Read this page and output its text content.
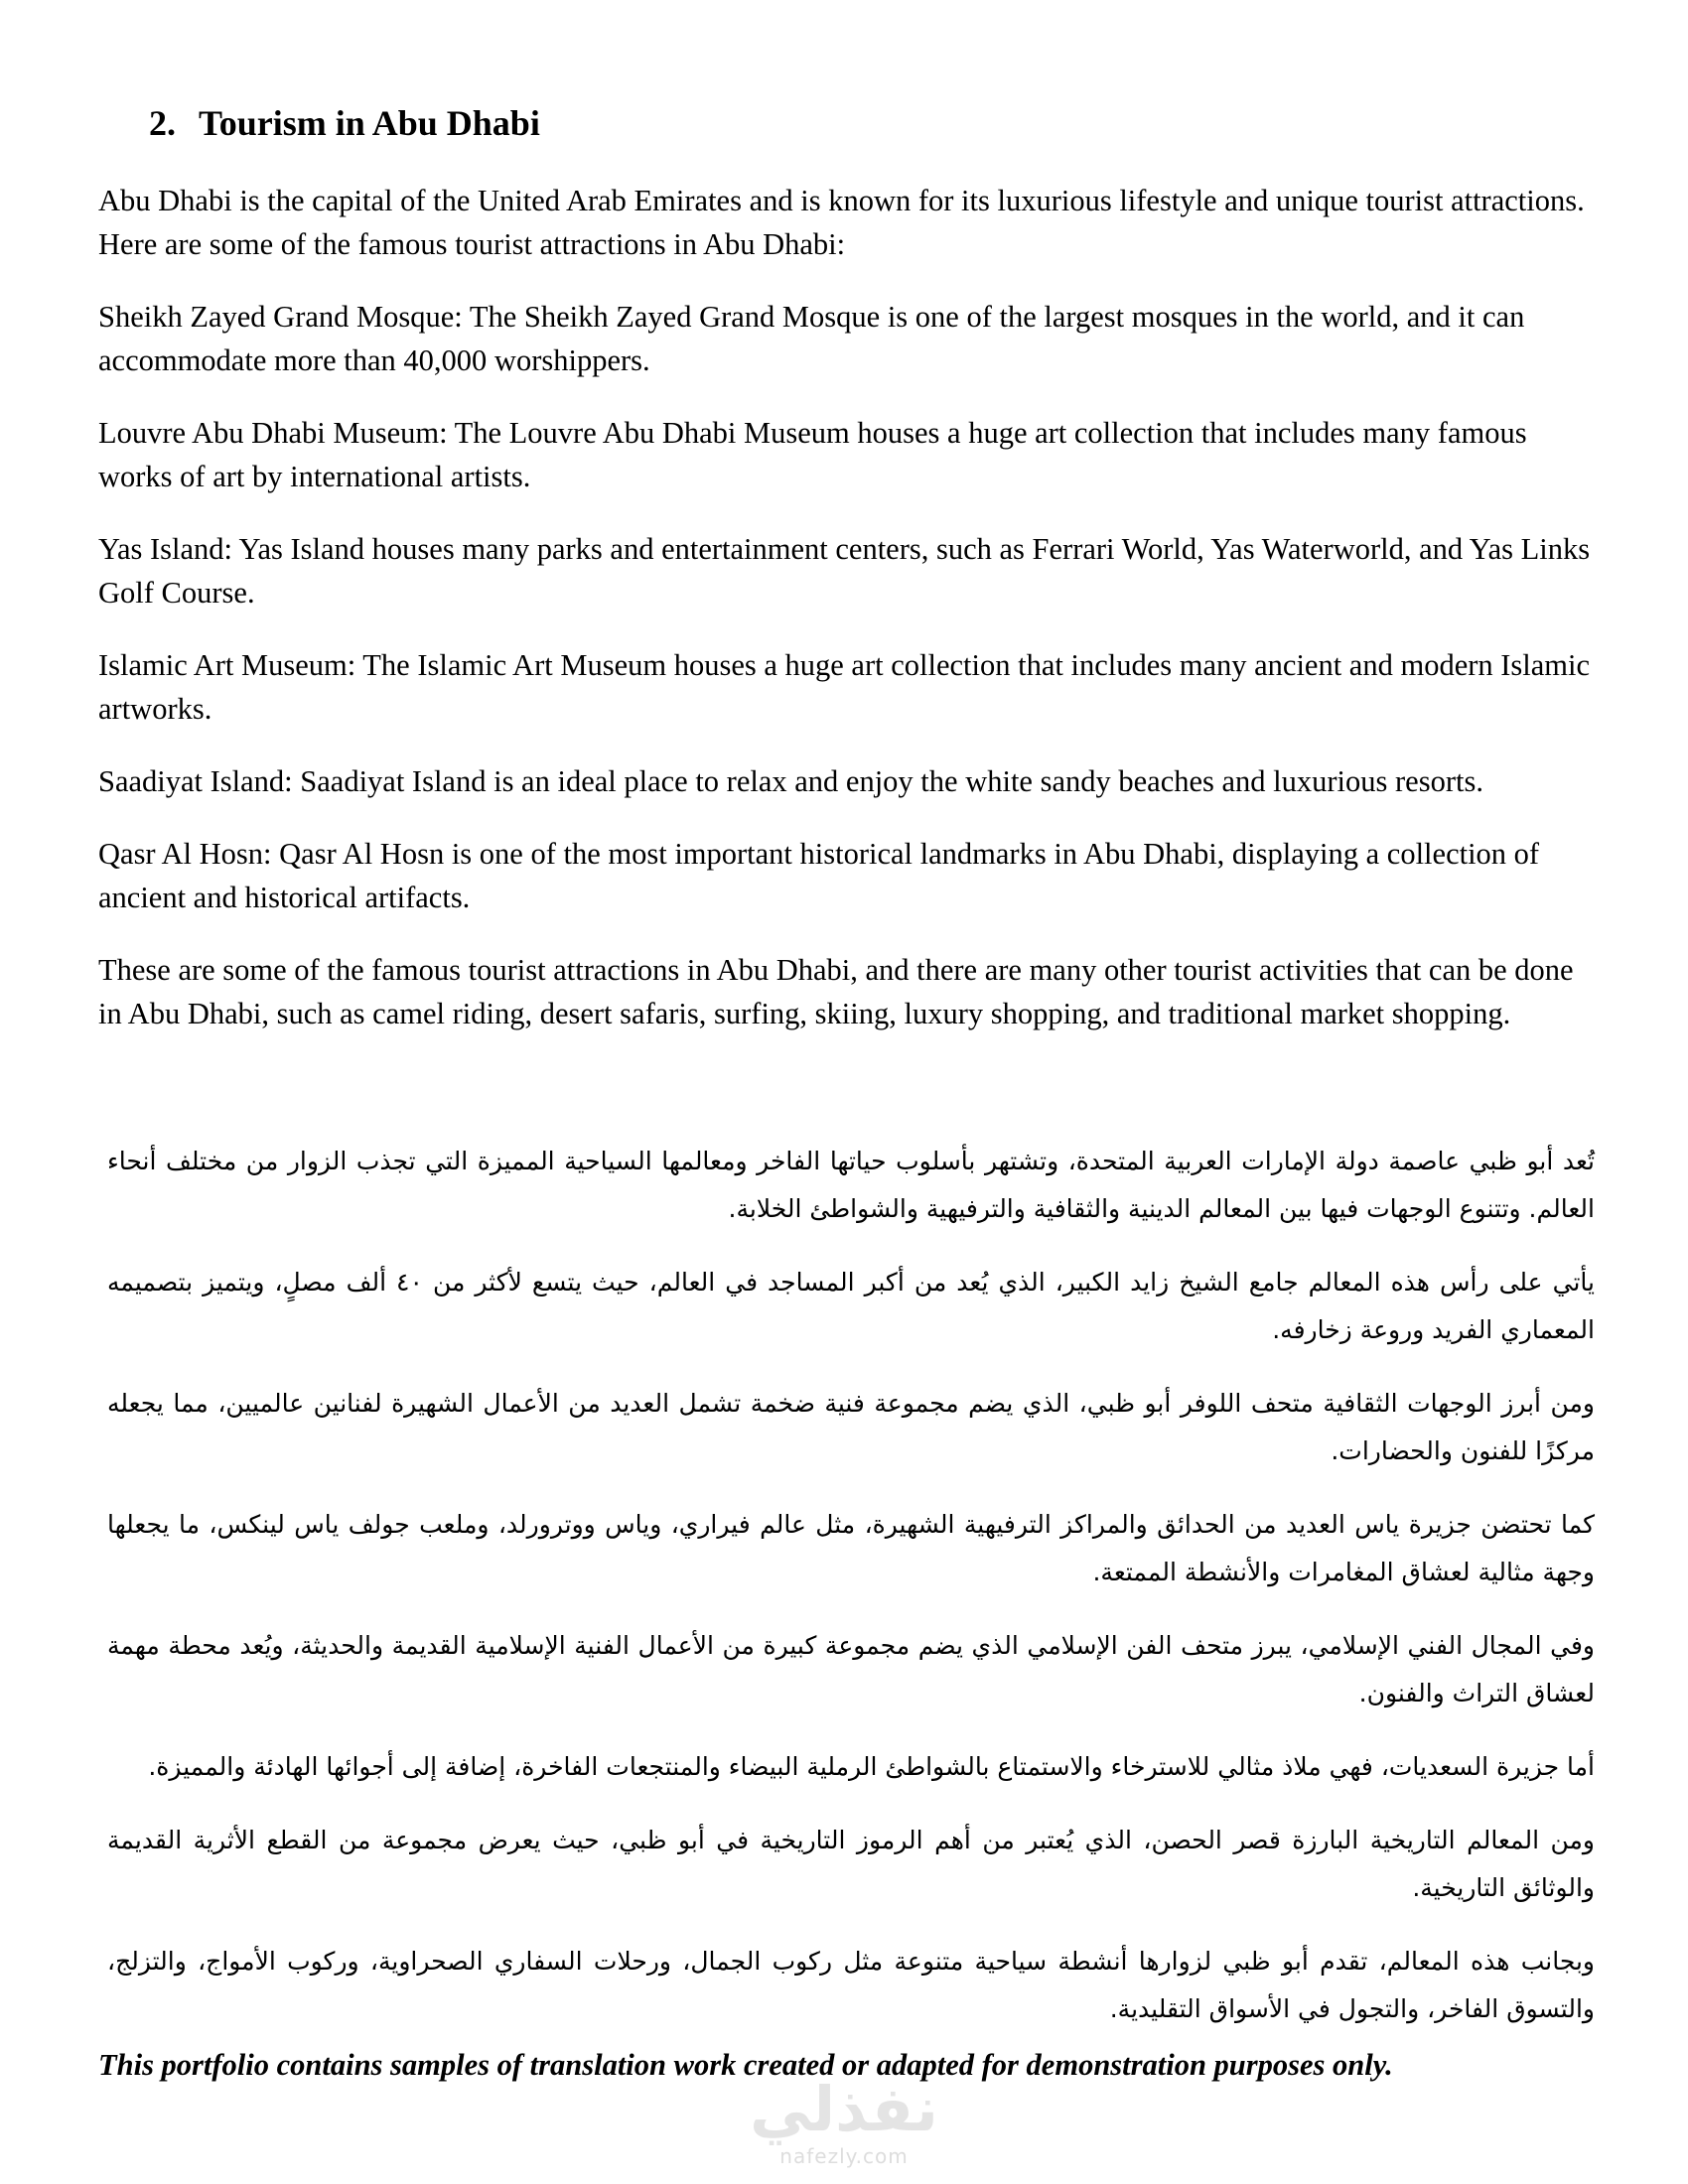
2. Tourism in Abu Dhabi

Abu Dhabi is the capital of the United Arab Emirates and is known for its luxurious lifestyle and unique tourist attractions. Here are some of the famous tourist attractions in Abu Dhabi:

Sheikh Zayed Grand Mosque: The Sheikh Zayed Grand Mosque is one of the largest mosques in the world, and it can accommodate more than 40,000 worshippers.

Louvre Abu Dhabi Museum: The Louvre Abu Dhabi Museum houses a huge art collection that includes many famous works of art by international artists.

Yas Island: Yas Island houses many parks and entertainment centers, such as Ferrari World, Yas Waterworld, and Yas Links Golf Course.

Islamic Art Museum: The Islamic Art Museum houses a huge art collection that includes many ancient and modern Islamic artworks.

Saadiyat Island: Saadiyat Island is an ideal place to relax and enjoy the white sandy beaches and luxurious resorts.

Qasr Al Hosn: Qasr Al Hosn is one of the most important historical landmarks in Abu Dhabi, displaying a collection of ancient and historical artifacts.

These are some of the famous tourist attractions in Abu Dhabi, and there are many other tourist activities that can be done in Abu Dhabi, such as camel riding, desert safaris, surfing, skiing, luxury shopping, and traditional market shopping.

تُعد أبو ظبي عاصمة دولة الإمارات العربية المتحدة، وتشتهر بأسلوب حياتها الفاخر ومعالمها السياحية المميزة التي تجذب الزوار من مختلف أنحاء العالم. وتتنوع الوجهات فيها بين المعالم الدينية والثقافية والترفيهية والشواطئ الخلابة.

يأتي على رأس هذه المعالم جامع الشيخ زايد الكبير، الذي يُعد من أكبر المساجد في العالم، حيث يتسع لأكثر من ٤٠ ألف مصلٍ، ويتميز بتصميمه المعماري الفريد وروعة زخارفه.

ومن أبرز الوجهات الثقافية متحف اللوفر أبو ظبي، الذي يضم مجموعة فنية ضخمة تشمل العديد من الأعمال الشهيرة لفنانين عالميين، مما يجعله مركزًا للفنون والحضارات.

كما تحتضن جزيرة ياس العديد من الحدائق والمراكز الترفيهية الشهيرة، مثل عالم فيراري، وياس ووترورلد، وملعب جولف ياس لينكس، ما يجعلها وجهة مثالية لعشاق المغامرات والأنشطة الممتعة.

وفي المجال الفني الإسلامي، يبرز متحف الفن الإسلامي الذي يضم مجموعة كبيرة من الأعمال الفنية الإسلامية القديمة والحديثة، ويُعد محطة مهمة لعشاق التراث والفنون.

أما جزيرة السعديات، فهي ملاذ مثالي للاسترخاء والاستمتاع بالشواطئ الرملية البيضاء والمنتجعات الفاخرة، إضافة إلى أجوائها الهادئة والمميزة.

ومن المعالم التاريخية البارزة قصر الحصن، الذي يُعتبر من أهم الرموز التاريخية في أبو ظبي، حيث يعرض مجموعة من القطع الأثرية القديمة والوثائق التاريخية.

وبجانب هذه المعالم، تقدم أبو ظبي لزوارها أنشطة سياحية متنوعة مثل ركوب الجمال، ورحلات السفاري الصحراوية، وركوب الأمواج، والتزلج، والتسوق الفاخر، والتجول في الأسواق التقليدية.

This portfolio contains samples of translation work created or adapted for demonstration purposes only.

نفذلي
nafezly.com
